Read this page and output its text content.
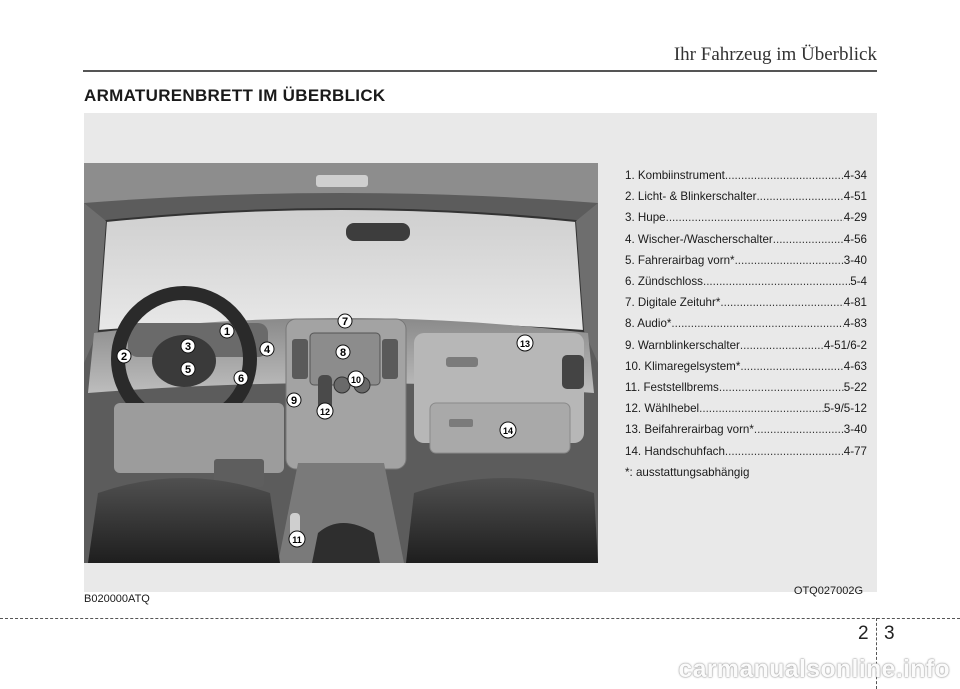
Ihr Fahrzeug im Überblick
ARMATURENBRETT IM ÜBERBLICK
1
2
3	4
5
6
7
8
9
10
11
12
13
14
1. Kombiinstrument .....	4-34
2. Licht- & Blinkerschalter .....	4-51
3. Hupe .....	4-29
4. Wischer-/Wascherschalter .....	4-56
5. Fahrerairbag vorn* .....	3-40
6. Zündschloss .....	5-4
7. Digitale Zeituhr* .....	4-81
8. Audio* .....	4-83
9. Warnblinkerschalter .....	4-51/6-2
10. Klimaregelsystem* .....	4-63
11. Feststellbrems .....	5-22
12. Wählhebel .....	5-9/5-12
13. Beifahrerairbag vorn* .....	3-40
14. Handschuhfach .....	4-77
*: ausstattungsabhängig
OTQ027002G
B020000ATQ
2 3
carmanualsonline.info
